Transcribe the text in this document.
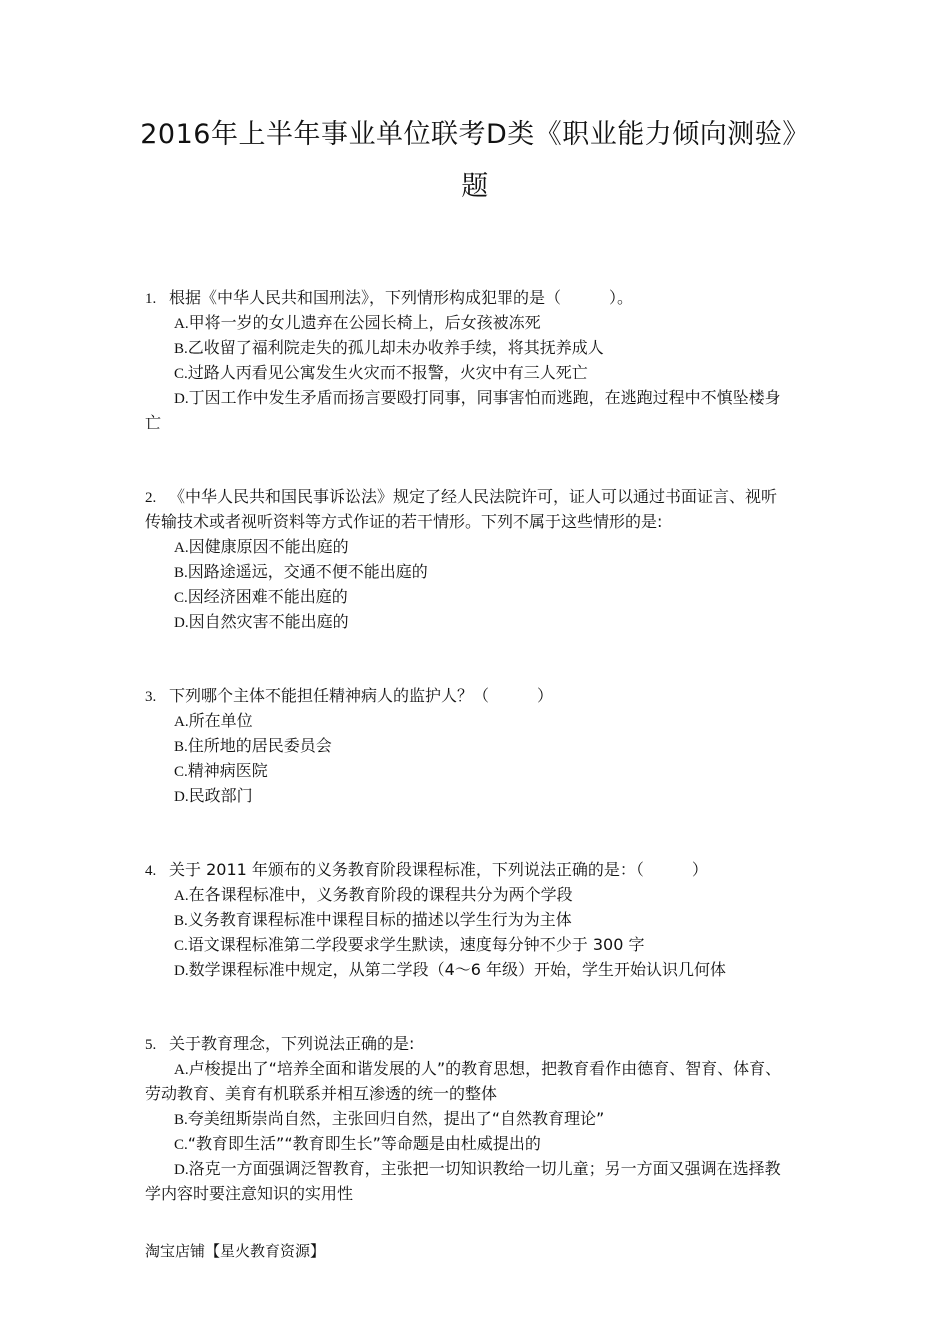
2016年上半年事业单位联考D类《职业能力倾向测验》
题
1. 根据《中华人民共和国刑法》，下列情形构成犯罪的是（　　　）。
A.甲将一岁的女儿遗弃在公园长椅上，后女孩被冻死
B.乙收留了福利院走失的孤儿却未办收养手续，将其抚养成人
C.过路人丙看见公寓发生火灾而不报警，火灾中有三人死亡
D.丁因工作中发生矛盾而扬言要殴打同事，同事害怕而逃跑，在逃跑过程中不慎坠楼身
亡
2. 《中华人民共和国民事诉讼法》规定了经人民法院许可，证人可以通过书面证言、视听
传输技术或者视听资料等方式作证的若干情形。下列不属于这些情形的是:
A.因健康原因不能出庭的
B.因路途遥远，交通不便不能出庭的
C.因经济困难不能出庭的
D.因自然灾害不能出庭的
3. 下列哪个主体不能担任精神病人的监护人？（　　　）
A.所在单位
B.住所地的居民委员会
C.精神病医院
D.民政部门
4. 关于 2011 年颁布的义务教育阶段课程标准，下列说法正确的是：（　　　）
A.在各课程标准中，义务教育阶段的课程共分为两个学段
B.义务教育课程标准中课程目标的描述以学生行为为主体
C.语文课程标准第二学段要求学生默读，速度每分钟不少于 300 字
D.数学课程标准中规定，从第二学段（4～6 年级）开始，学生开始认识几何体
5. 关于教育理念，下列说法正确的是:
A.卢梭提出了“培养全面和谐发展的人”的教育思想，把教育看作由德育、智育、体育、
劳动教育、美育有机联系并相互渗透的统一的整体
B.夸美纽斯崇尚自然，主张回归自然，提出了“自然教育理论”
C.“教育即生活”“教育即生长”等命题是由杜威提出的
D.洛克一方面强调泛智教育，主张把一切知识教给一切儿童；另一方面又强调在选择教
学内容时要注意知识的实用性
淘宝店铺【星火教育资源】
